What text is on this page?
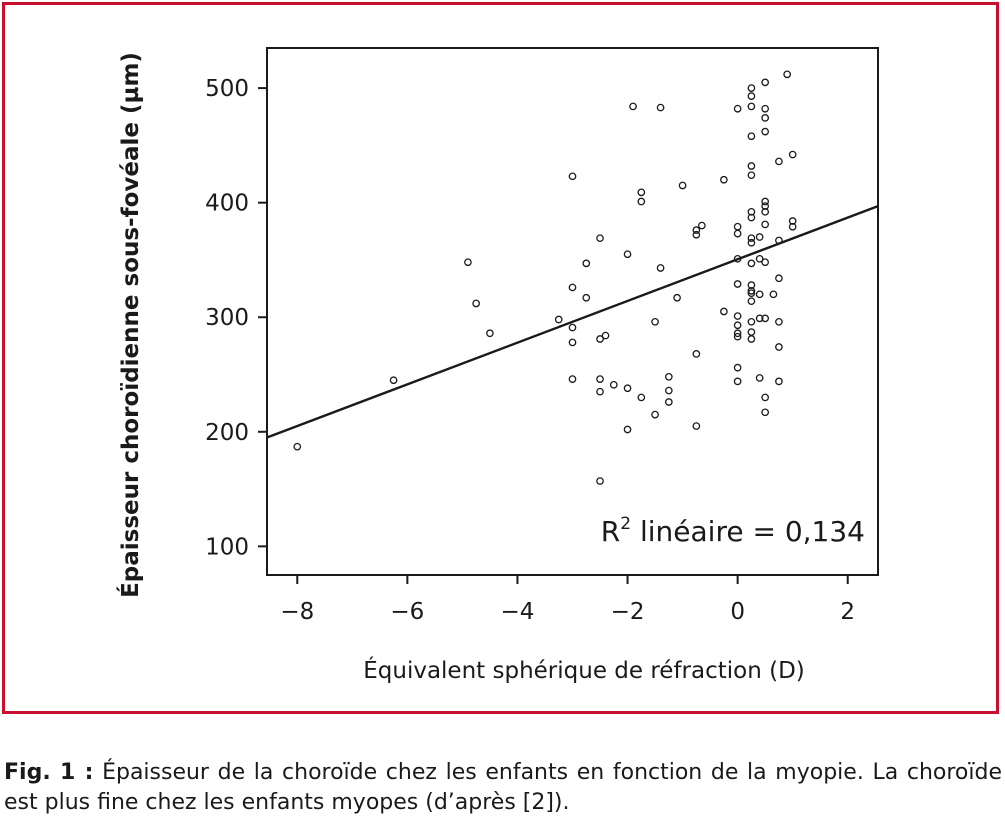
−8	−6	−4	−2	0	2
100
200
300
400
500
$R^2$ linéaire = 0,134
Équivalent sphérique de réfraction (D)
Épaisseur choroïdienne sous-fovéale (µm)
Fig. 1 : Épaisseur de la choroïde chez les enfants en fonction de la myopie. La choroïde est plus fine chez les enfants myopes (d’après [2]).
